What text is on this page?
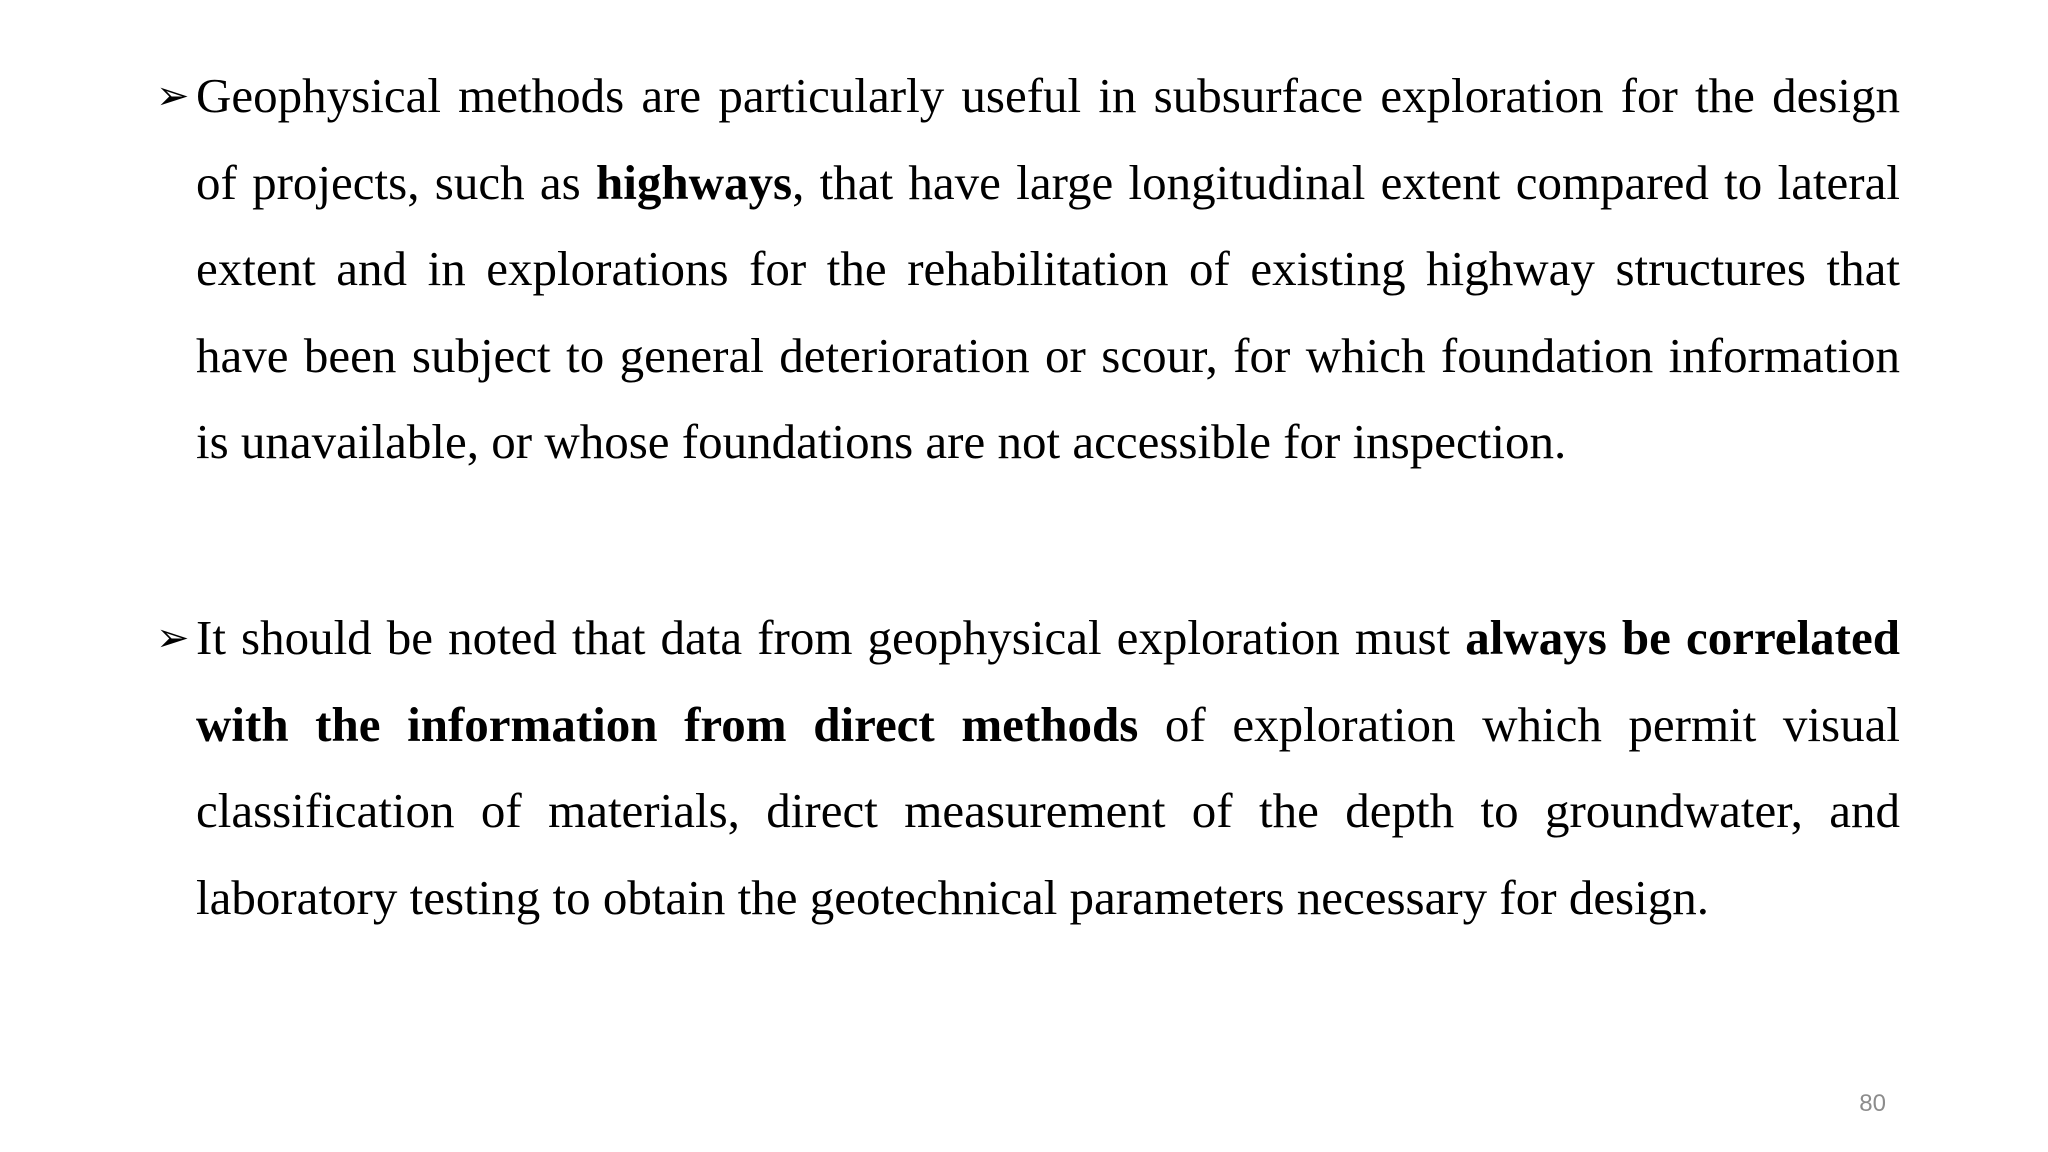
➢ Geophysical methods are particularly useful in subsurface exploration for the design of projects, such as highways, that have large longitudinal extent compared to lateral extent and in explorations for the rehabilitation of existing highway structures that have been subject to general deterioration or scour, for which foundation information is unavailable, or whose foundations are not accessible for inspection.
➢ It should be noted that data from geophysical exploration must always be correlated with the information from direct methods of exploration which permit visual classification of materials, direct measurement of the depth to groundwater, and laboratory testing to obtain the geotechnical parameters necessary for design.
80
